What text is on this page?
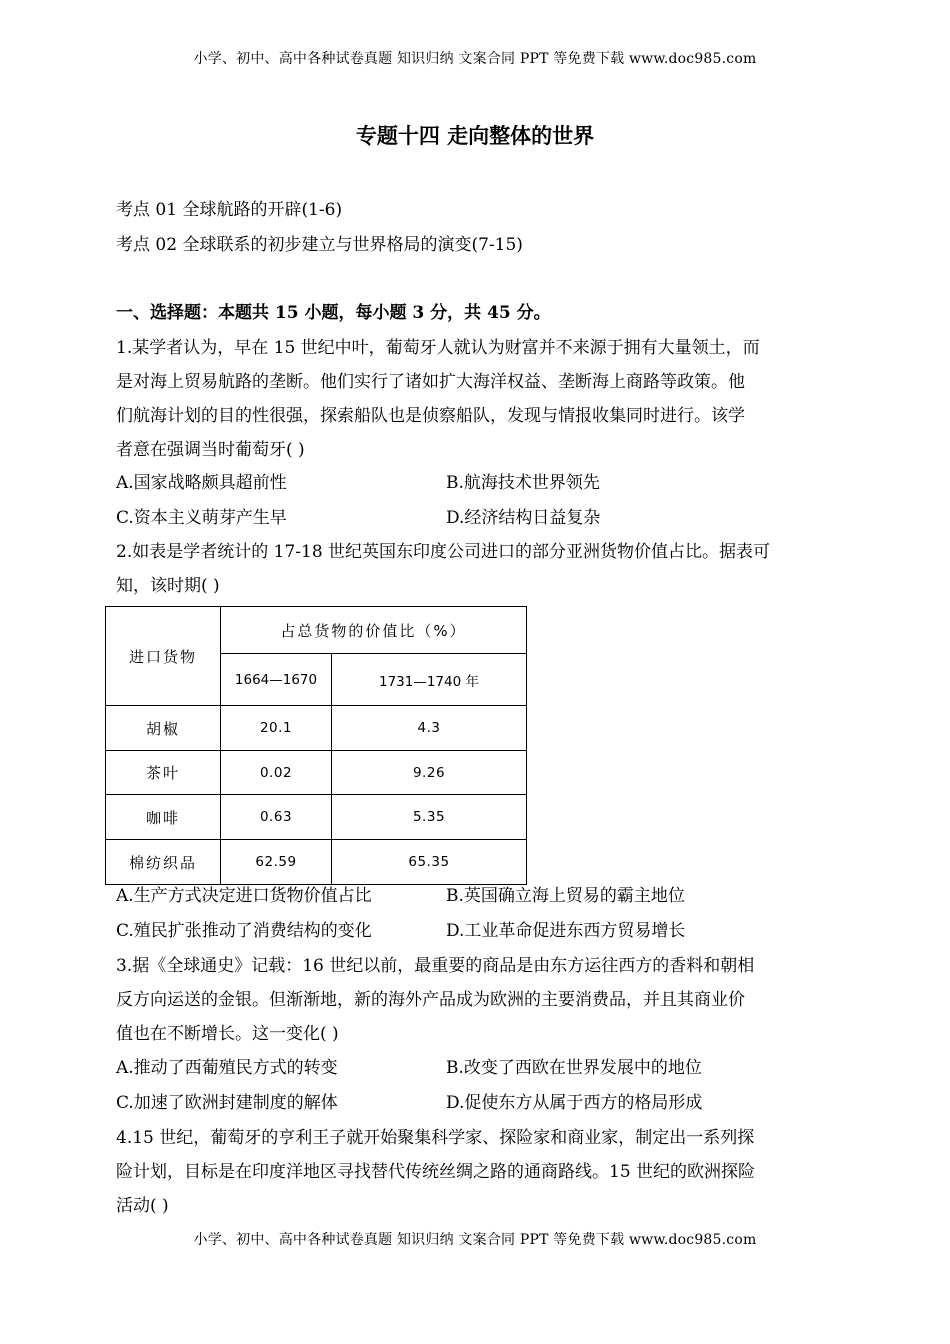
小学、初中、高中各种试卷真题 知识归纳 文案合同 PPT 等免费下载 www.doc985.com
专题十四 走向整体的世界
考点 01 全球航路的开辟(1-6)
考点 02 全球联系的初步建立与世界格局的演变(7-15)
一、选择题：本题共 15 小题，每小题 3 分，共 45 分。
1.某学者认为，早在 15 世纪中叶，葡萄牙人就认为财富并不来源于拥有大量领土，而
是对海上贸易航路的垄断。他们实行了诸如扩大海洋权益、垄断海上商路等政策。他
们航海计划的目的性很强，探索船队也是侦察船队，发现与情报收集同时进行。该学
者意在强调当时葡萄牙( )
A.国家战略颇具超前性	B.航海技术世界领先
C.资本主义萌芽产生早	D.经济结构日益复杂
2.如表是学者统计的 17-18 世纪英国东印度公司进口的部分亚洲货物价值占比。据表可
知，该时期( )
A.生产方式决定进口货物价值占比	B.英国确立海上贸易的霸主地位
C.殖民扩张推动了消费结构的变化	D.工业革命促进东西方贸易增长
3.据《全球通史》记载：16 世纪以前，最重要的商品是由东方运往西方的香料和朝相
反方向运送的金银。但渐渐地，新的海外产品成为欧洲的主要消费品，并且其商业价
值也在不断增长。这一变化( )
A.推动了西葡殖民方式的转变	B.改变了西欧在世界发展中的地位
C.加速了欧洲封建制度的解体	D.促使东方从属于西方的格局形成
4.15 世纪，葡萄牙的亨利王子就开始聚集科学家、探险家和商业家，制定出一系列探
险计划，目标是在印度洋地区寻找替代传统丝绸之路的通商路线。15 世纪的欧洲探险
活动( )
进口货物	占总货物的价值比（%）	
	1664—1670	1731—1740 年
胡椒	20.1	4.3
茶叶	0.02	9.26
咖啡	0.63	5.35
棉纺织品	62.59	65.35
小学、初中、高中各种试卷真题 知识归纳 文案合同 PPT 等免费下载 www.doc985.com
